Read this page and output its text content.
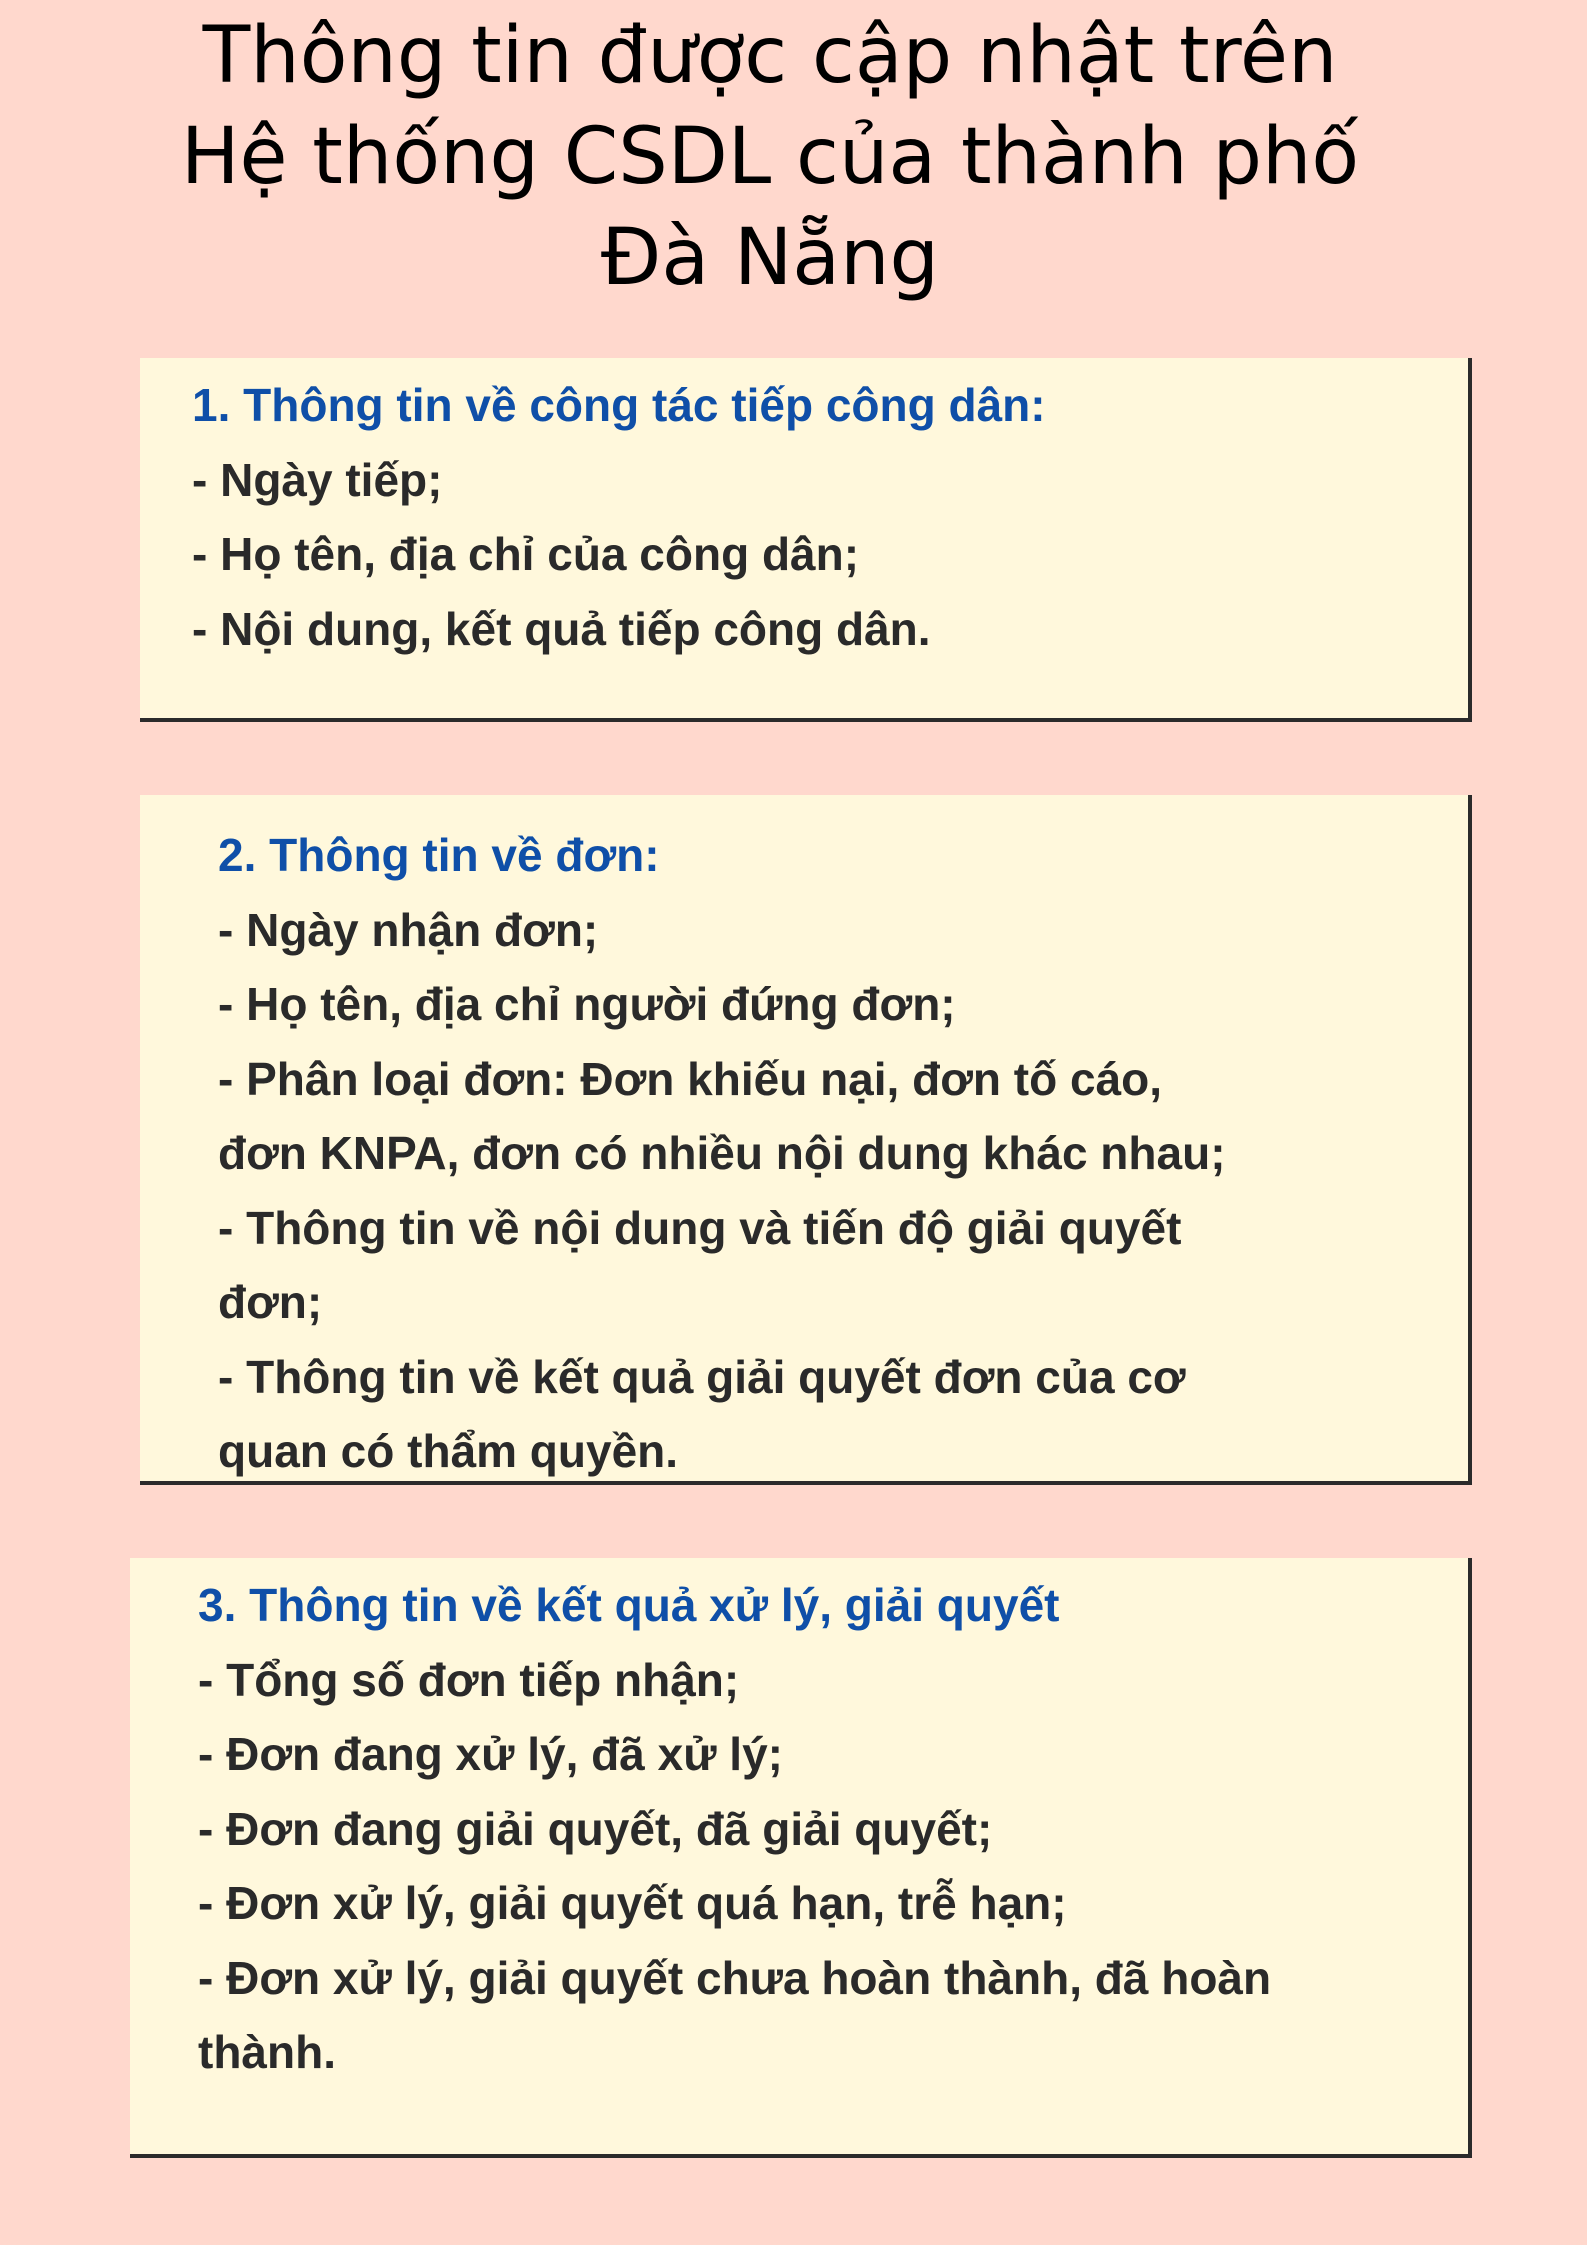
Thông tin được cập nhật trên
Hệ thống CSDL của thành phố
Đà Nẵng
1. Thông tin về công tác tiếp công dân:
- Ngày tiếp;
- Họ tên, địa chỉ của công dân;
- Nội dung, kết quả tiếp công dân.
2. Thông tin về đơn:
- Ngày nhận đơn;
- Họ tên, địa chỉ người đứng đơn;
- Phân loại đơn: Đơn khiếu nại, đơn tố cáo,
đơn KNPA, đơn có nhiều nội dung khác nhau;
- Thông tin về nội dung và tiến độ giải quyết
đơn;
- Thông tin về kết quả giải quyết đơn của cơ
quan có thẩm quyền.
3. Thông tin về kết quả xử lý, giải quyết
- Tổng số đơn tiếp nhận;
- Đơn đang xử lý, đã xử lý;
- Đơn đang giải quyết, đã giải quyết;
- Đơn xử lý, giải quyết quá hạn, trễ hạn;
- Đơn xử lý, giải quyết chưa hoàn thành, đã hoàn
thành.
